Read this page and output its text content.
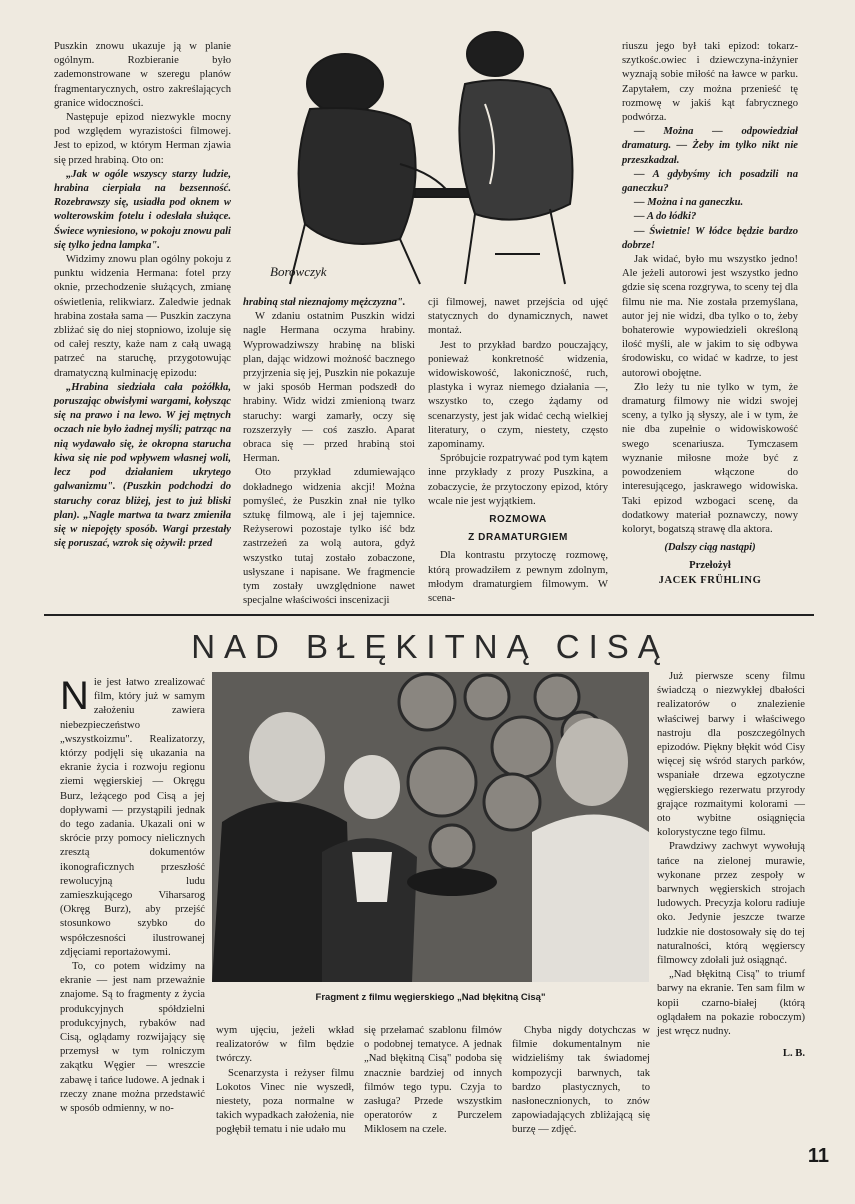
Borowczyk

Puszkin znowu ukazuje ją w planie ogólnym. Rozbieranie było zademonstrowane w szeregu planów fragmentarycznych, ostro zakreślających granice widoczności.

Następuje epizod niezwykle mocny pod względem wyrazistości filmowej. Jest to epizod, w którym Herman zjawia się przed hrabiną. Oto on:

„Jak w ogóle wszyscy starzy ludzie, hrabina cierpiała na bezsenność. Rozebrawszy się, usiadła pod oknem w wolterowskim fotelu i odesłała służące. Świece wyniesiono, w pokoju znowu pali się tylko jedna lampka".

Widzimy znowu plan ogólny pokoju z punktu widzenia Hermana: fotel przy oknie, przechodzenie służących, zmianę oświetlenia, relikwiarz. Zaledwie jednak hrabina została sama — Puszkin zaczyna zbliżać się do niej stopniowo, izoluje się od całej reszty, każe nam z całą uwagą patrzeć na staruchę, przygotowując dramatyczną kulminację epizodu:

„Hrabina siedziała cała pożółkła, poruszając obwisłymi wargami, kołysząc się na prawo i na lewo. W jej mętnych oczach nie było żadnej myśli; patrząc na nią wydawało się, że okropna starucha kiwa się nie pod wpływem własnej woli, lecz pod działaniem ukrytego galwanizmu". (Puszkin podchodzi do staruchy coraz bliżej, jest to już bliski plan). „Nagle martwa ta twarz zmieniła się w niepojęty sposób. Wargi przestały się poruszać, wzrok się ożywił: przed

hrabiną stał nieznajomy mężczyzna".

W zdaniu ostatnim Puszkin widzi nagle Hermana oczyma hrabiny. Wyprowadziwszy hrabinę na bliski plan, dając widzowi możność bacznego przyjrzenia się jej, Puszkin nie pokazuje w jaki sposób Herman podszedł do hrabiny. Widz widzi zmienioną twarz staruchy: wargi zamarły, oczy się rozszerzyły — coś zaszło. Aparat obraca się — przed hrabiną stoi Herman.

Oto przykład zdumiewająco dokładnego widzenia akcji! Można pomyśleć, że Puszkin znał nie tylko sztukę filmową, ale i jej tajemnice. Reżyserowi pozostaje tylko iść bdz zastrzeżeń za wolą autora, gdyż wszystko tutaj zostało zobaczone, usłyszane i napisane. We fragmencie tym zostały uwzględnione nawet specjalne właściwości inscenizacji

cji filmowej, nawet przejścia od ujęć statycznych do dynamicznych, nawet montaż.

Jest to przykład bardzo pouczający, ponieważ konkretność widzenia, widowiskowość, lakoniczność, ruch, plastyka i wyraz niemego działania —, wszystko to, czego żądamy od scenarzysty, jest jak widać cechą wielkiej literatury, o czym, niestety, często zapominamy.

Spróbujcie rozpatrywać pod tym kątem inne przykłady z prozy Puszkina, a zobaczycie, że przytoczony epizod, który wcale nie jest wyjątkiem.

ROZMOWA
Z DRAMATURGIEM

Dla kontrastu przytoczę rozmowę, którą prowadziłem z pewnym zdolnym, młodym dramaturgiem filmowym. W scena-

riuszu jego był taki epizod: tokarz-szytkośc.owiec i dziewczyna-inżynier wyznają sobie miłość na ławce w parku. Zapytałem, czy można przenieść tę rozmowę w jakiś kąt fabrycznego podwórza.

— Można — odpowiedział dramaturg. — Żeby im tylko nikt nie przeszkadzał.

— A gdybyśmy ich posadzili na ganeczku?

— Można i na ganeczku.

— A do łódki?

— Świetnie! W łódce będzie bardzo dobrze!

Jak widać, było mu wszystko jedno! Ale jeżeli autorowi jest wszystko jedno gdzie się scena rozgrywa, to sceny tej dla filmu nie ma. Nie została przemyślana, autor jej nie widzi, dba tylko o to, żeby bohaterowie wypowiedzieli określoną ilość myśli, ale w jakim to się odbywa środowisku, co widać w kadrze, to jest autorowi obojętne.

Zło leży tu nie tylko w tym, że dramaturg filmowy nie widzi swojej sceny, a tylko ją słyszy, ale i w tym, że nie dba zupełnie o widowiskowość swego scenariusza. Tymczasem wyznanie miłosne może być z powodzeniem włączone do interesującego, jaskrawego widowiska. Taki epizod wzbogaci scenę, da dodatkowy materiał poznawczy, nowy koloryt, bogatszą strawę dla aktora.

(Dalszy ciąg nastąpi)

Przełożył

JACEK FRÜHLING

NAD BŁĘKITNĄ CISĄ
Fragment z filmu węgierskiego „Nad błękitną Cisą"

Nie jest łatwo zrealizować film, który już w samym założeniu zawiera niebezpieczeństwo „wszystkoizmu". Realizatorzy, którzy podjęli się ukazania na ekranie życia i rozwoju regionu ziemi węgierskiej — Okręgu Burz, leżącego pod Cisą a jej dopływami — przystąpili jednak do tego zadania. Ukazali oni w skrócie przy pomocy nielicznych zresztą dokumentów ikonograficznych przeszłość rewolucyjną ludu zamieszkującego Viharsarog (Okręg Burz), aby przejść stosunkowo szybko do współczesności ilustrowanej zdjęciami reportażowymi.

To, co potem widzimy na ekranie — jest nam przeważnie znajome. Są to fragmenty z życia produkcyjnych spółdzielni produkcyjnych, rybaków nad Cisą, oglądamy rozwijający się przemysł w tym rolniczym zakątku Węgier — wreszcie zabawę i tańce ludowe. A jednak i rzeczy znane można przedstawić w sposób odmienny, w no-

wym ujęciu, jeżeli wkład realizatorów w film będzie twórczy.

Scenarzysta i reżyser filmu Lokotos Vinec nie wyszedł, niestety, poza normalne w takich wypadkach założenia, nie pogłębił tematu i nie udało mu

się przełamać szablonu filmów o podobnej tematyce. A jednak „Nad błękitną Cisą" podoba się znacznie bardziej od innych filmów tego typu. Czyja to zasługa? Przede wszystkim operatorów z Purczelem Miklosem na czele.

Chyba nigdy dotychczas w filmie dokumentalnym nie widzieliśmy tak świadomej kompozycji barwnych, tak bardzo plastycznych, to nasłonecznionych, to znów zapowiadających zbliżającą się burzę — zdjęć.

Już pierwsze sceny filmu świadczą o niezwykłej dbałości realizatorów o znalezienie właściwej barwy i właściwego nastroju dla poszczególnych epizodów. Piękny błękit wód Cisy więcej się wśród starych parków, wspaniałe drzewa egzotyczne węgierskiego rezerwatu przyrody grające rozmaitymi kolorami — oto wybitne osiągnięcia kolorystyczne tego filmu.

Prawdziwy zachwyt wywołują tańce na zielonej murawie, wykonane przez zespoły w barwnych węgierskich strojach ludowych. Precyzja koloru radiuje oko. Jedynie jeszcze twarze ludzkie nie dostosowały się do tej naturalności, którą węgierscy filmowcy zdołali już osiągnąć.

„Nad błękitną Cisą" to triumf barwy na ekranie. Ten sam film w kopii czarno-białej (którą oglądałem na pokazie roboczym) jest wręcz nudny.

L. B.

11
